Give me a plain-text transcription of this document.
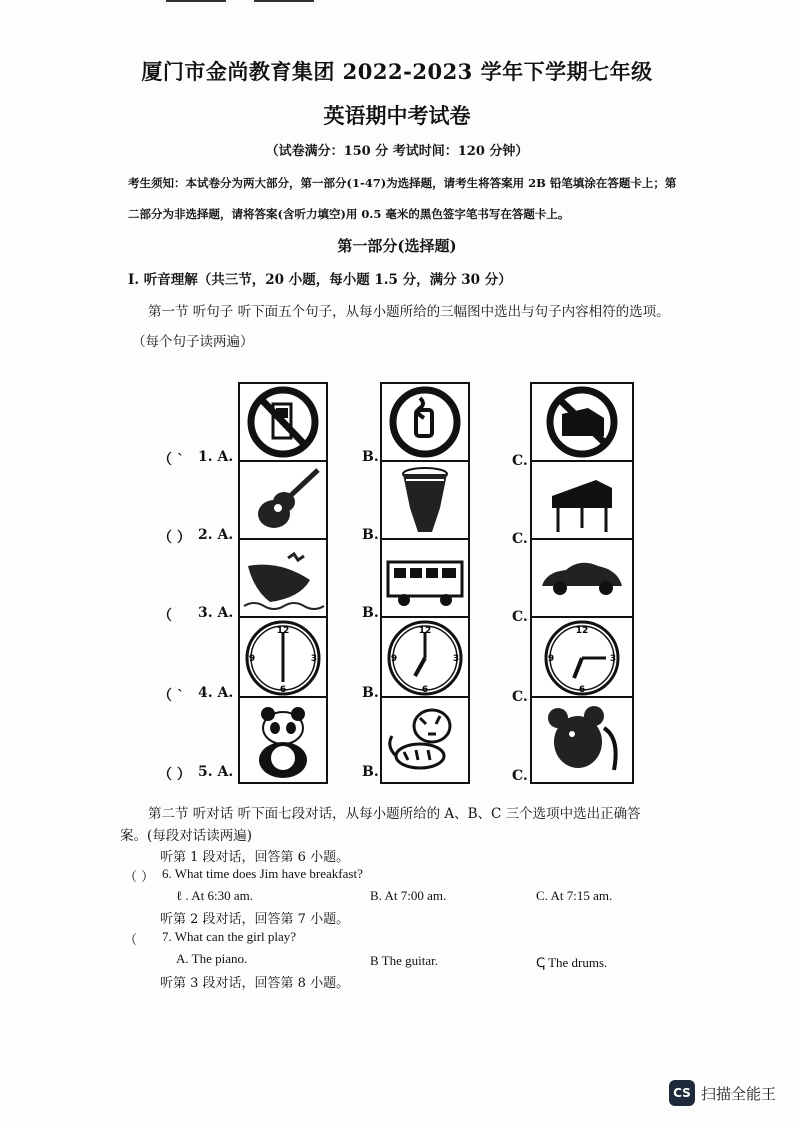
厦门市金尚教育集团 2022-2023 学年下学期七年级
英语期中考试卷
（试卷满分：150 分 考试时间：120 分钟）
考生须知：本试卷分为两大部分，第一部分(1-47)为选择题，请考生将答案用 2B 铅笔填涂在答题卡上；第
二部分为非选择题，请将答案(含听力填空)用 0.5 毫米的黑色签字笔书写在答题卡上。
第一部分(选择题)
I. 听音理解（共三节，20 小题，每小题 1.5 分，满分 30 分）
第一节 听句子 听下面五个句子，从每小题所给的三幅图中选出与句子内容相符的选项。
（每个句子读两遍）
12
6
9	3
12
6
9	3
12
6
9	3
（ ` 1. A.	B.	C.
（ ） 2. A.	B.	C.
（ 3. A.	B.	C.
（ ` 4. A.	B.	C.
（ ） 5. A.	B.	C.
第二节 听对话 听下面七段对话，从每小题所给的 A、B、C 三个选项中选出正确答
案。(每段对话读两遍)
听第 1 段对话，回答第 6 小题。
（ ） 6. What time does Jim have breakfast?
ℓ . At 6:30 am.	B. At 7:00 am.	C. At 7:15 am.
听第 2 段对话，回答第 7 小题。
（ 7. What can the girl play?
A. The piano.	B The guitar.	ↅ The drums.
听第 3 段对话，回答第 8 小题。
CS 扫描全能王
